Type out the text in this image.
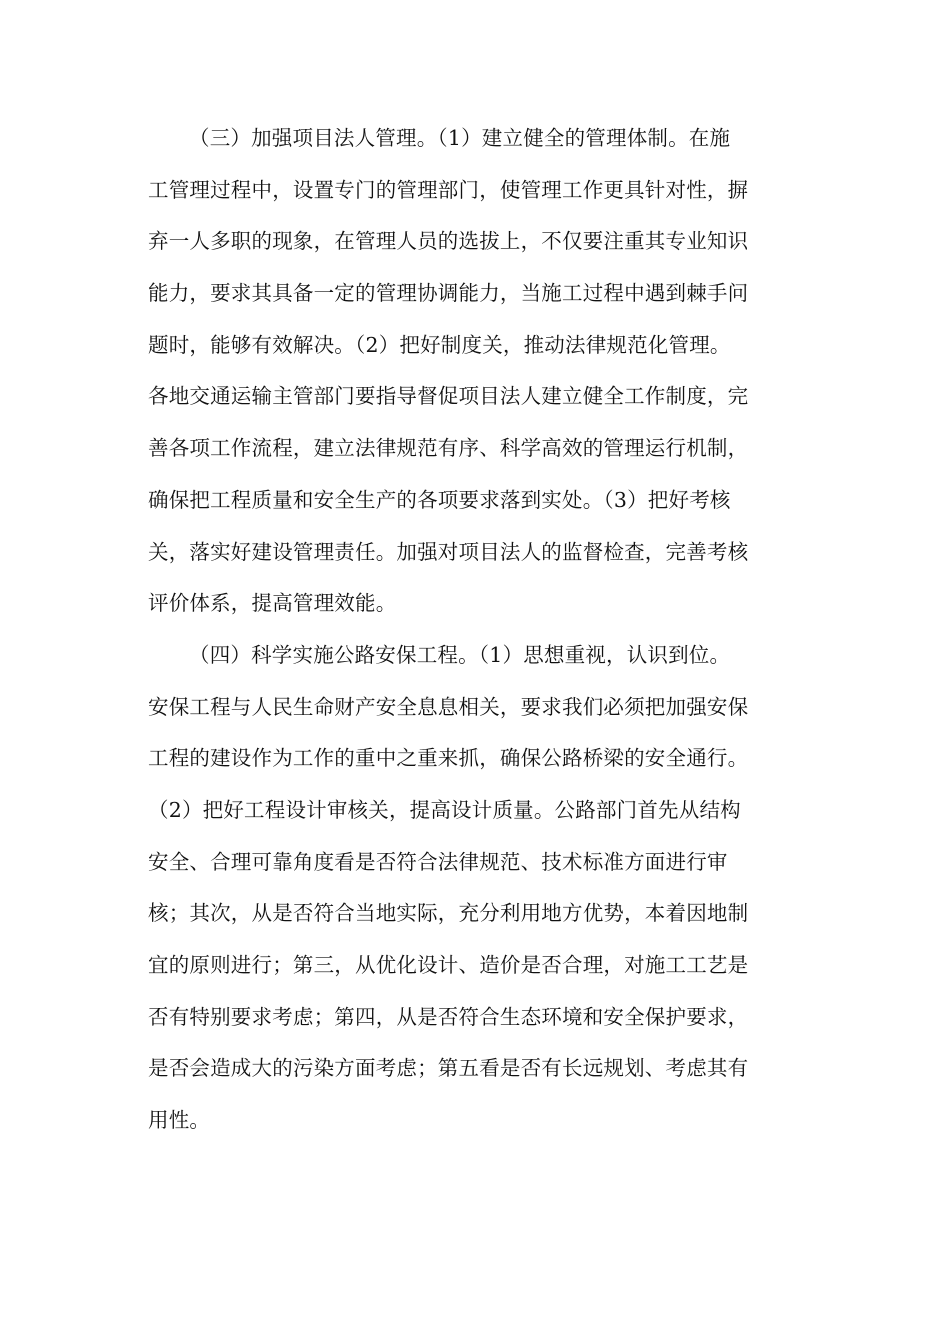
（三）加强项目法人管理。（1）建立健全的管理体制。在施
工管理过程中，设置专门的管理部门，使管理工作更具针对性，摒
弃一人多职的现象，在管理人员的选拔上，不仅要注重其专业知识
能力，要求其具备一定的管理协调能力，当施工过程中遇到棘手问
题时，能够有效解决。（2）把好制度关，推动法律规范化管理。
各地交通运输主管部门要指导督促项目法人建立健全工作制度，完
善各项工作流程，建立法律规范有序、科学高效的管理运行机制，
确保把工程质量和安全生产的各项要求落到实处。（3）把好考核
关，落实好建设管理责任。加强对项目法人的监督检查，完善考核
评价体系，提高管理效能。
（四）科学实施公路安保工程。（1）思想重视，认识到位。
安保工程与人民生命财产安全息息相关，要求我们必须把加强安保
工程的建设作为工作的重中之重来抓，确保公路桥梁的安全通行。
（2）把好工程设计审核关，提高设计质量。公路部门首先从结构
安全、合理可靠角度看是否符合法律规范、技术标准方面进行审
核；其次，从是否符合当地实际，充分利用地方优势，本着因地制
宜的原则进行；第三，从优化设计、造价是否合理，对施工工艺是
否有特别要求考虑；第四，从是否符合生态环境和安全保护要求，
是否会造成大的污染方面考虑；第五看是否有长远规划、考虑其有
用性。
